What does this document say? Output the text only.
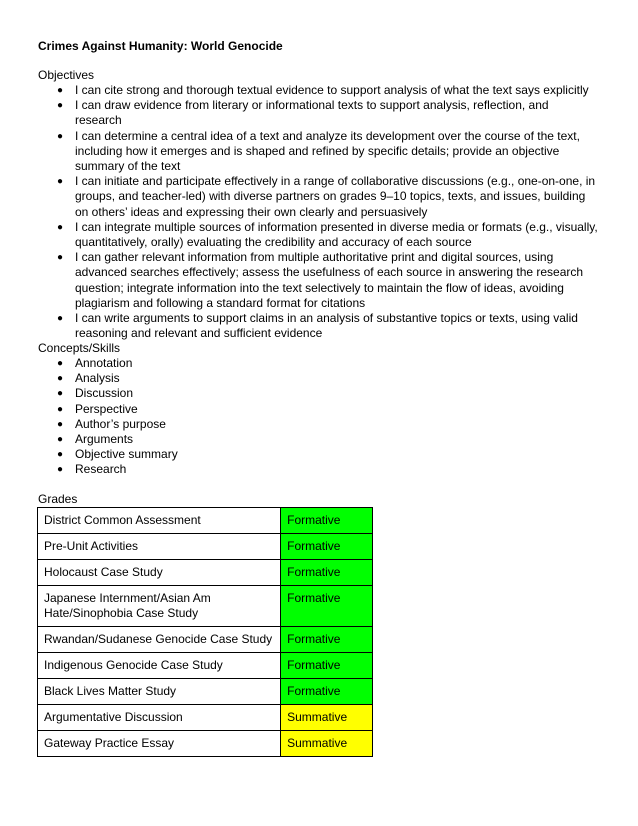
Crimes Against Humanity: World Genocide
Objectives
● I can cite strong and thorough textual evidence to support analysis of what the text says explicitly
● I can draw evidence from literary or informational texts to support analysis, reflection, and research
● I can determine a central idea of a text and analyze its development over the course of the text, including how it emerges and is shaped and refined by specific details; provide an objective summary of the text
● I can initiate and participate effectively in a range of collaborative discussions (e.g., one-on-one, in groups, and teacher-led) with diverse partners on grades 9–10 topics, texts, and issues, building on others’ ideas and expressing their own clearly and persuasively
● I can integrate multiple sources of information presented in diverse media or formats (e.g., visually, quantitatively, orally) evaluating the credibility and accuracy of each source
● I can gather relevant information from multiple authoritative print and digital sources, using advanced searches effectively; assess the usefulness of each source in answering the research question; integrate information into the text selectively to maintain the flow of ideas, avoiding plagiarism and following a standard format for citations
● I can write arguments to support claims in an analysis of substantive topics or texts, using valid reasoning and relevant and sufficient evidence
Concepts/Skills
● Annotation
● Analysis
● Discussion
● Perspective
● Author’s purpose
● Arguments
● Objective summary
● Research
Grades
District Common Assessment	Formative
Pre-Unit Activities	Formative
Holocaust Case Study	Formative
Japanese Internment/Asian Am Hate/Sinophobia Case Study	Formative
Rwandan/Sudanese Genocide Case Study	Formative
Indigenous Genocide Case Study	Formative
Black Lives Matter Study	Formative
Argumentative Discussion	Summative
Gateway Practice Essay	Summative
